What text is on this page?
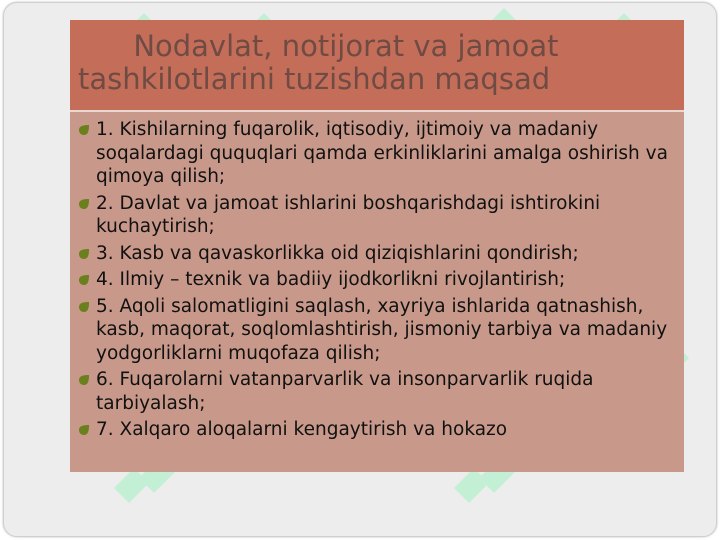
Nodavlat, notijorat va jamoat tashkilotlarini tuzishdan maqsad
1. Kishilarning fuqarolik, iqtisodiy, ijtimoiy va madaniy soqalardagi ququqlari qamda erkinliklarini amalga oshirish va qimoya qilish;
2. Davlat va jamoat ishlarini boshqarishdagi ishtirokini kuchaytirish;
3. Kasb va qavaskorlikka oid qiziqishlarini qondirish;
4. Ilmiy – texnik va badiiy ijodkorlikni rivojlantirish;
5. Aqoli salomatligini saqlash, xayriya ishlarida qatnashish, kasb, maqorat, soqlomlashtirish, jismoniy tarbiya va madaniy yodgorliklarni muqofaza qilish;
6. Fuqarolarni vatanparvarlik va insonparvarlik ruqida tarbiyalash;
7. Xalqaro aloqalarni kengaytirish va hokazo
